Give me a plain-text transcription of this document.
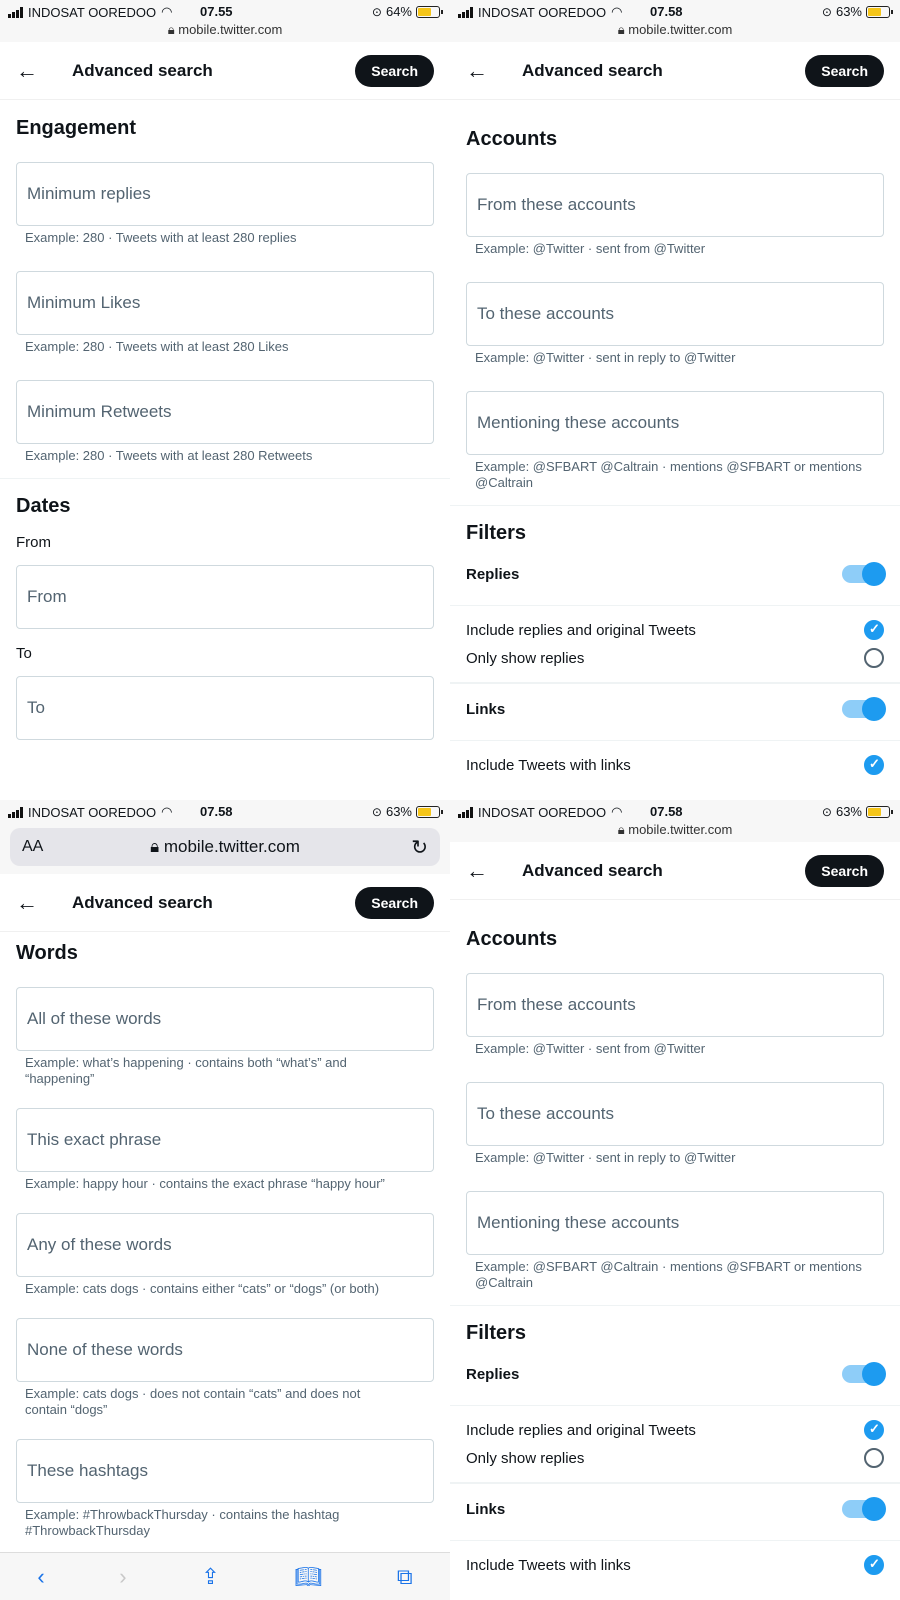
INDOSAT OOREDOO ◠ 07.55	⊙ 64%
🔒︎ mobile.twitter.com
← Advanced search	Search
Engagement
Minimum replies
Example: 280 · Tweets with at least 280 replies
Minimum Likes
Example: 280 · Tweets with at least 280 Likes
Minimum Retweets
Example: 280 · Tweets with at least 280 Retweets
Dates
From
From
To
To
INDOSAT OOREDOO ◠ 07.58	⊙ 63%
🔒︎ mobile.twitter.com
← Advanced search	Search
Accounts
From these accounts
Example: @Twitter · sent from @Twitter
To these accounts
Example: @Twitter · sent in reply to @Twitter
Mentioning these accounts
Example: @SFBART @Caltrain · mentions @SFBART or mentions
@Caltrain
Filters
Replies
Include replies and original Tweets
✓
Only show replies
Links
Include Tweets with links
✓
INDOSAT OOREDOO ◠ 07.58	⊙ 63%
AA	🔒︎ mobile.twitter.com	↻
← Advanced search	Search
Words
All of these words
Example: what’s happening · contains both “what’s” and
“happening”
This exact phrase
Example: happy hour · contains the exact phrase “happy hour”
Any of these words
Example: cats dogs · contains either “cats” or “dogs” (or both)
None of these words
Example: cats dogs · does not contain “cats” and does not
contain “dogs”
These hashtags
Example: #ThrowbackThursday · contains the hashtag
#ThrowbackThursday
‹	›	⇪	📖︎	⧉
INDOSAT OOREDOO ◠ 07.58	⊙ 63%
🔒︎ mobile.twitter.com
← Advanced search	Search
Accounts
From these accounts
Example: @Twitter · sent from @Twitter
To these accounts
Example: @Twitter · sent in reply to @Twitter
Mentioning these accounts
Example: @SFBART @Caltrain · mentions @SFBART or mentions
@Caltrain
Filters
Replies
Include replies and original Tweets
✓
Only show replies
Links
Include Tweets with links
✓
